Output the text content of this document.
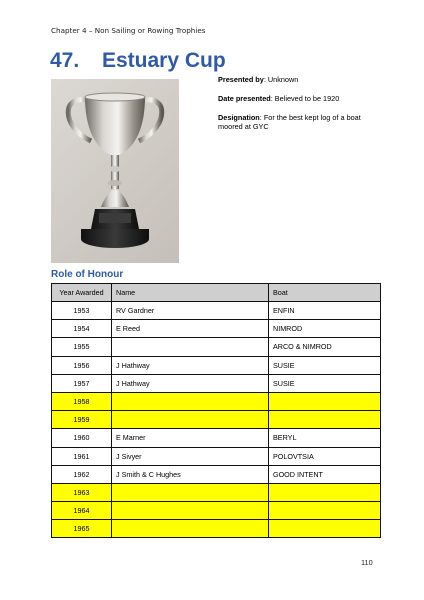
Chapter 4 – Non Sailing or Rowing Trophies
47. Estuary Cup
Presented by: Unknown
Date presented: Believed to be 1920
Designation: For the best kept log of a boat moored at GYC
Role of Honour
Year Awarded	Name	Boat
1953	RV Gardner	ENFIN
1954	E Reed	NIMROD
1955		ARCO & NIMROD
1956	J Hathway	SUSIE
1957	J Hathway	SUSIE
1958		
1959		
1960	E Marner	BERYL
1961	J Sivyer	POLOVTSIA
1962	J Smith & C Hughes	GOOD INTENT
1963		
1964		
1965		
110
